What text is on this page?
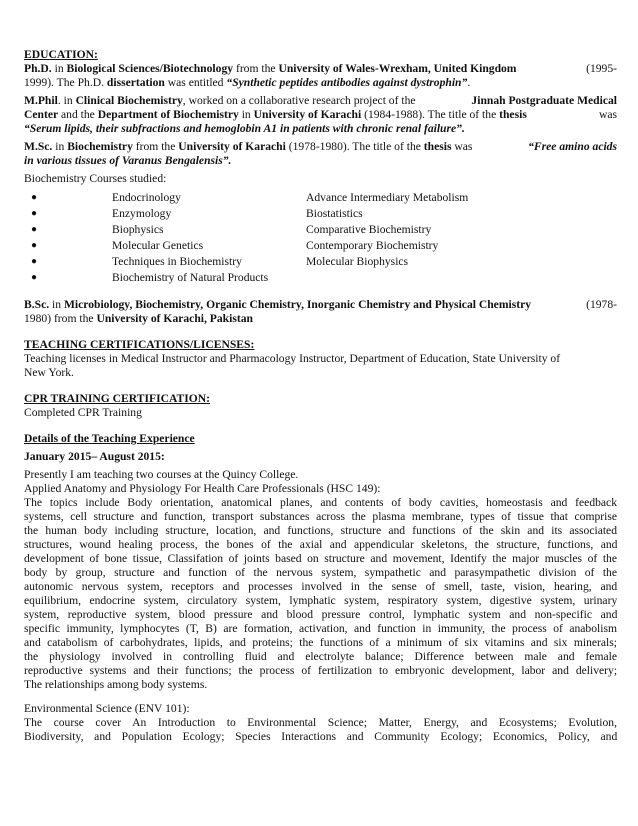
EDUCATION:
Ph.D. in Biological Sciences/Biotechnology from the University of Wales-Wrexham, United Kingdom	(1995-
1999). The Ph.D. dissertation was entitled “Synthetic peptides antibodies against dystrophin”.
M.Phil. in Clinical Biochemistry, worked on a collaborative research project of the	Jinnah Postgraduate Medical
Center and the Department of Biochemistry in University of Karachi (1984-1988). The title of the thesis	was
“Serum lipids, their subfractions and hemoglobin A1 in patients with chronic renal failure”.
M.Sc. in Biochemistry from the University of Karachi (1978-1980). The title of the thesis was	“Free amino acids
in various tissues of Varanus Bengalensis”.
Biochemistry Courses studied:
●	Endocrinology	Advance Intermediary Metabolism
●	Enzymology	Biostatistics
●	Biophysics	Comparative Biochemistry
●	Molecular Genetics	Contemporary Biochemistry
●	Techniques in Biochemistry	Molecular Biophysics
●	Biochemistry of Natural Products
B.Sc. in Microbiology, Biochemistry, Organic Chemistry, Inorganic Chemistry and Physical Chemistry	(1978-
1980) from the University of Karachi, Pakistan
TEACHING CERTIFICATIONS/LICENSES:
Teaching licenses in Medical Instructor and Pharmacology Instructor, Department of Education, State University of
New York.
CPR TRAINING CERTIFICATION:
Completed CPR Training
Details of the Teaching Experience
January 2015– August 2015:
Presently I am teaching two courses at the Quincy College.
Applied Anatomy and Physiology For Health Care Professionals (HSC 149):
The topics include Body orientation, anatomical planes, and contents of body cavities, homeostasis and feedback
systems, cell structure and function, transport substances across the plasma membrane, types of tissue that comprise
the human body including structure, location, and functions, structure and functions of the skin and its associated
structures, wound healing process, the bones of the axial and appendicular skeletons, the structure, functions, and
development of bone tissue, Classifation of joints based on structure and movement, Identify the major muscles of the
body by group, structure and function of the nervous system, sympathetic and parasympathetic division of the
autonomic nervous system, receptors and processes involved in the sense of smell, taste, vision, hearing, and
equilibrium, endocrine system, circulatory system, lymphatic system, respiratory system, digestive system, urinary
system, reproductive system, blood pressure and blood pressure control, lymphatic system and non-specific and
specific immunity, lymphocytes (T, B) are formation, activation, and function in immunity, the process of anabolism
and catabolism of carbohydrates, lipids, and proteins; the functions of a minimum of six vitamins and six minerals;
the physiology involved in controlling fluid and electrolyte balance; Difference between male and female
reproductive systems and their functions; the process of fertilization to embryonic development, labor and delivery;
The relationships among body systems.
Environmental Science (ENV 101):
The course cover An Introduction to Environmental Science; Matter, Energy, and Ecosystems; Evolution,
Biodiversity, and Population Ecology; Species Interactions and Community Ecology; Economics, Policy, and
